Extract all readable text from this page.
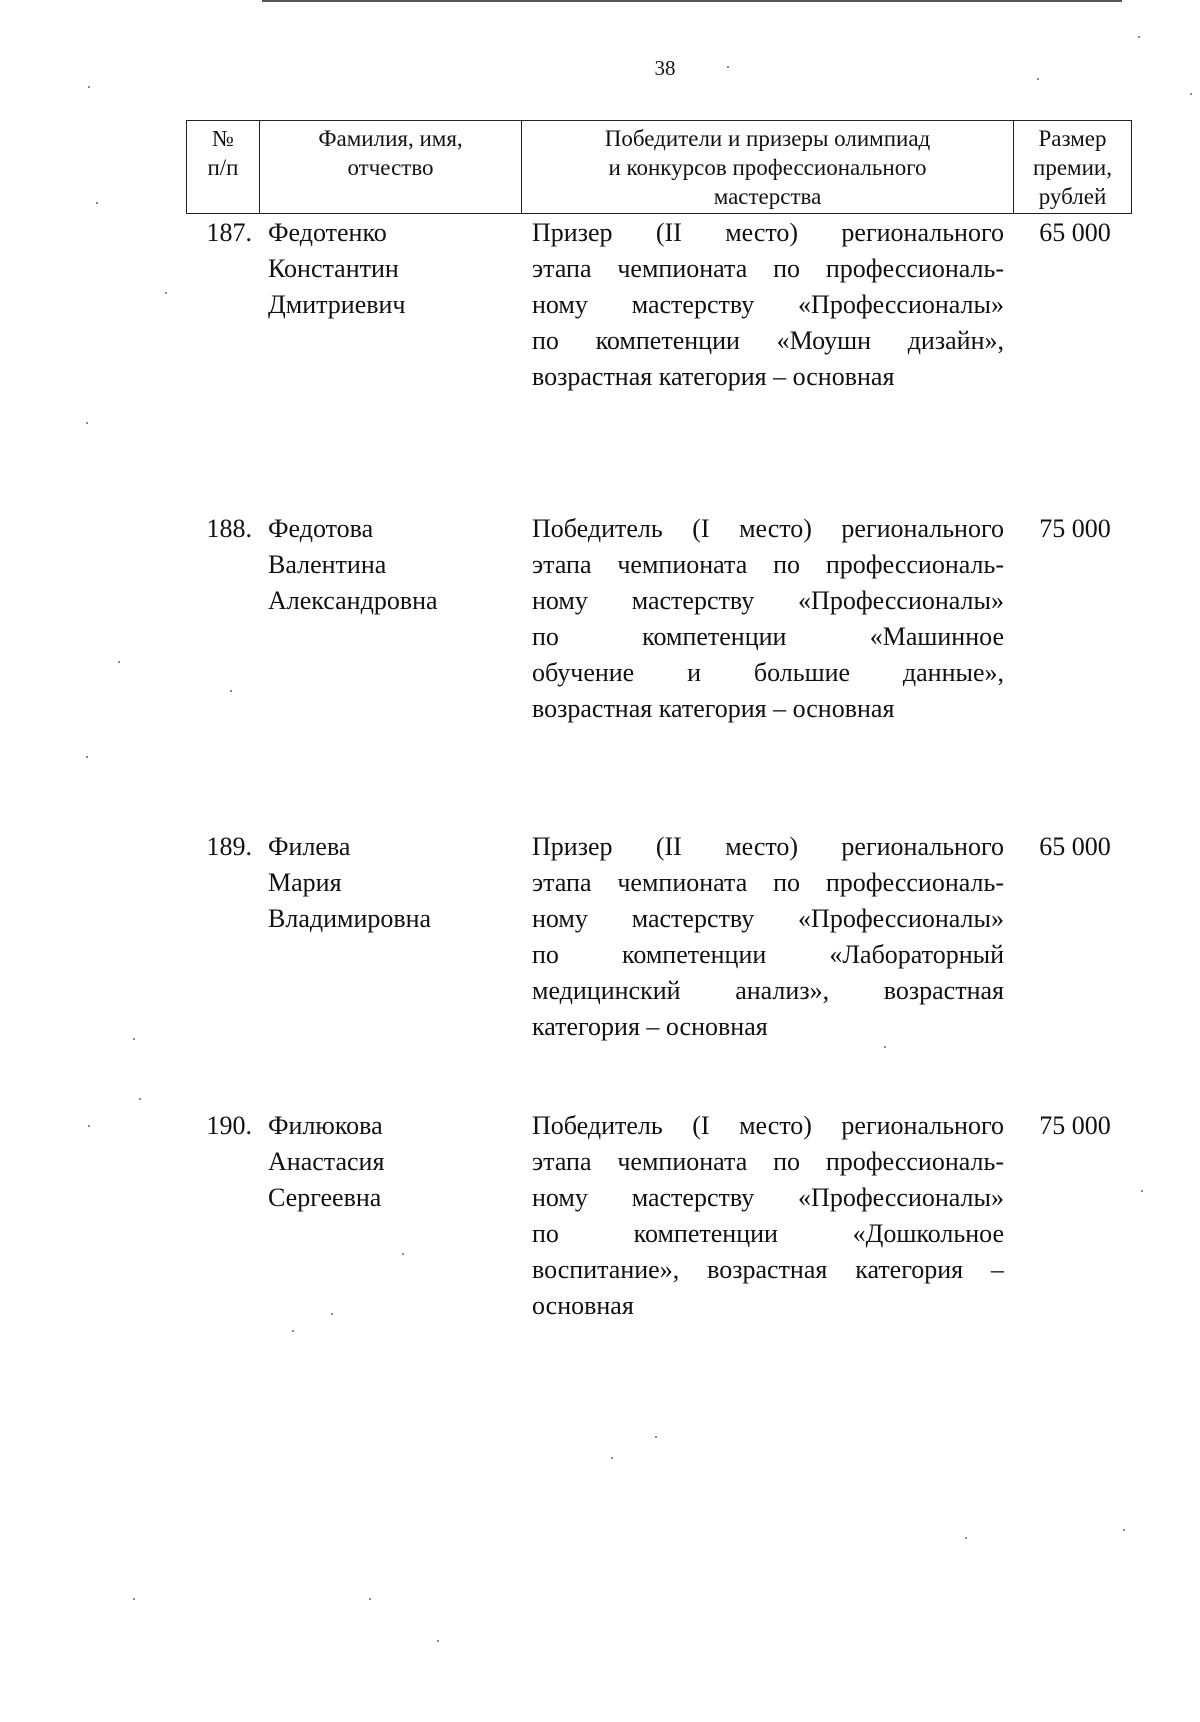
38
№
п/п
Фамилия, имя,
отчество
Победители и призеры олимпиад
и конкурсов профессионального
мастерства
Размер
премии,
рублей
187. Федотенко
Константин
Дмитриевич
Призер (II место) регионального
этапа чемпионата по профессиональ-
ному мастерству «Профессионалы»
по компетенции «Моушн дизайн»,
возрастная категория – основная
65 000
188. Федотова
Валентина
Александровна
Победитель (I место) регионального
этапа чемпионата по профессиональ-
ному мастерству «Профессионалы»
по компетенции «Машинное
обучение и большие данные»,
возрастная категория – основная
75 000
189. Филева
Мария
Владимировна
Призер (II место) регионального
этапа чемпионата по профессиональ-
ному мастерству «Профессионалы»
по компетенции «Лабораторный
медицинский анализ», возрастная
категория – основная
65 000
190. Филюкова
Анастасия
Сергеевна
Победитель (I место) регионального
этапа чемпионата по профессиональ-
ному мастерству «Профессионалы»
по компетенции «Дошкольное
воспитание», возрастная категория –
основная
75 000
